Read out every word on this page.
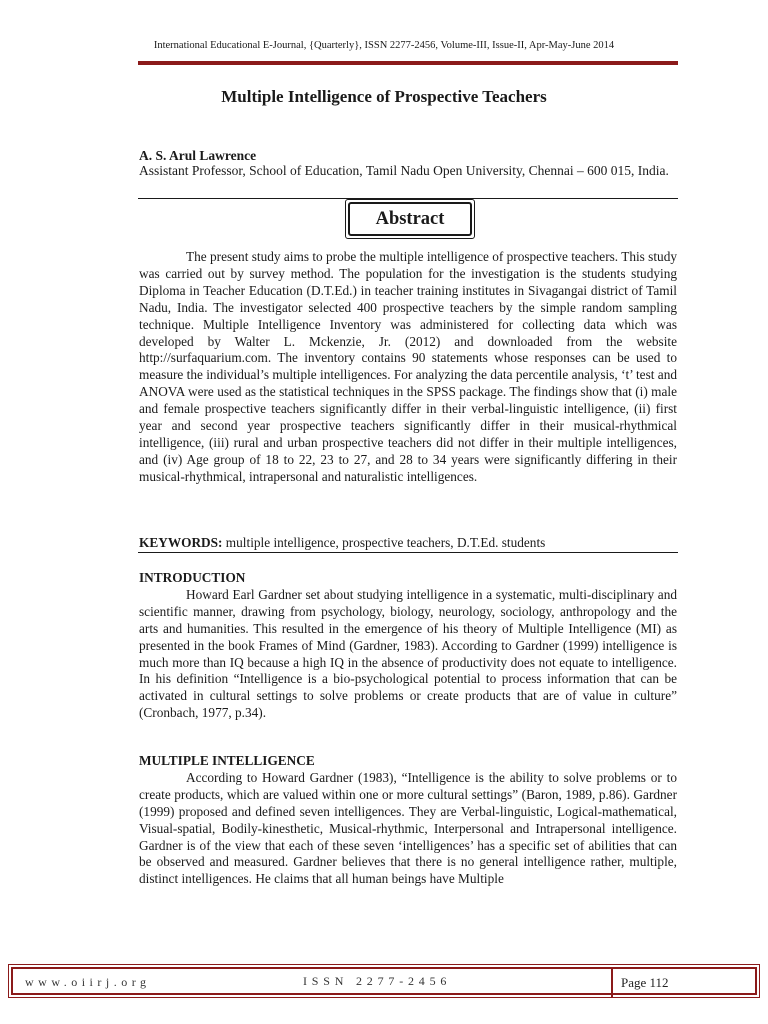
International Educational E-Journal, {Quarterly}, ISSN 2277-2456, Volume-III, Issue-II, Apr-May-June 2014
Multiple Intelligence of Prospective Teachers
A. S. Arul Lawrence
Assistant Professor, School of Education, Tamil Nadu Open University, Chennai – 600 015, India.
Abstract

The present study aims to probe the multiple intelligence of prospective teachers. This study was carried out by survey method. The population for the investigation is the students studying Diploma in Teacher Education (D.T.Ed.) in teacher training institutes in Sivagangai district of Tamil Nadu, India. The investigator selected 400 prospective teachers by the simple random sampling technique. Multiple Intelligence Inventory was administered for collecting data which was developed by Walter L. Mckenzie, Jr. (2012) and downloaded from the website http://surfaquarium.com. The inventory contains 90 statements whose responses can be used to measure the individual’s multiple intelligences. For analyzing the data percentile analysis, ‘t’ test and ANOVA were used as the statistical techniques in the SPSS package. The findings show that (i) male and female prospective teachers significantly differ in their verbal-linguistic intelligence, (ii) first year and second year prospective teachers significantly differ in their musical-rhythmical intelligence, (iii) rural and urban prospective teachers did not differ in their multiple intelligences, and (iv) Age group of 18 to 22, 23 to 27, and 28 to 34 years were significantly differing in their musical-rhythmical, intrapersonal and naturalistic intelligences.

KEYWORDS: multiple intelligence, prospective teachers, D.T.Ed. students
INTRODUCTION

Howard Earl Gardner set about studying intelligence in a systematic, multi-disciplinary and scientific manner, drawing from psychology, biology, neurology, sociology, anthropology and the arts and humanities. This resulted in the emergence of his theory of Multiple Intelligence (MI) as presented in the book Frames of Mind (Gardner, 1983). According to Gardner (1999) intelligence is much more than IQ because a high IQ in the absence of productivity does not equate to intelligence. In his definition “Intelligence is a bio-psychological potential to process information that can be activated in cultural settings to solve problems or create products that are of value in culture” (Cronbach, 1977, p.34).

MULTIPLE INTELLIGENCE

According to Howard Gardner (1983), “Intelligence is the ability to solve problems or to create products, which are valued within one or more cultural settings” (Baron, 1989, p.86). Gardner (1999) proposed and defined seven intelligences. They are Verbal-linguistic, Logical-mathematical, Visual-spatial, Bodily-kinesthetic, Musical-rhythmic, Interpersonal and Intrapersonal intelligence. Gardner is of the view that each of these seven ‘intelligences’ has a specific set of abilities that can be observed and measured. Gardner believes that there is no general intelligence rather, multiple, distinct intelligences. He claims that all human beings have Multiple

www.oiirj.org	ISSN 2277-2456	Page 112
